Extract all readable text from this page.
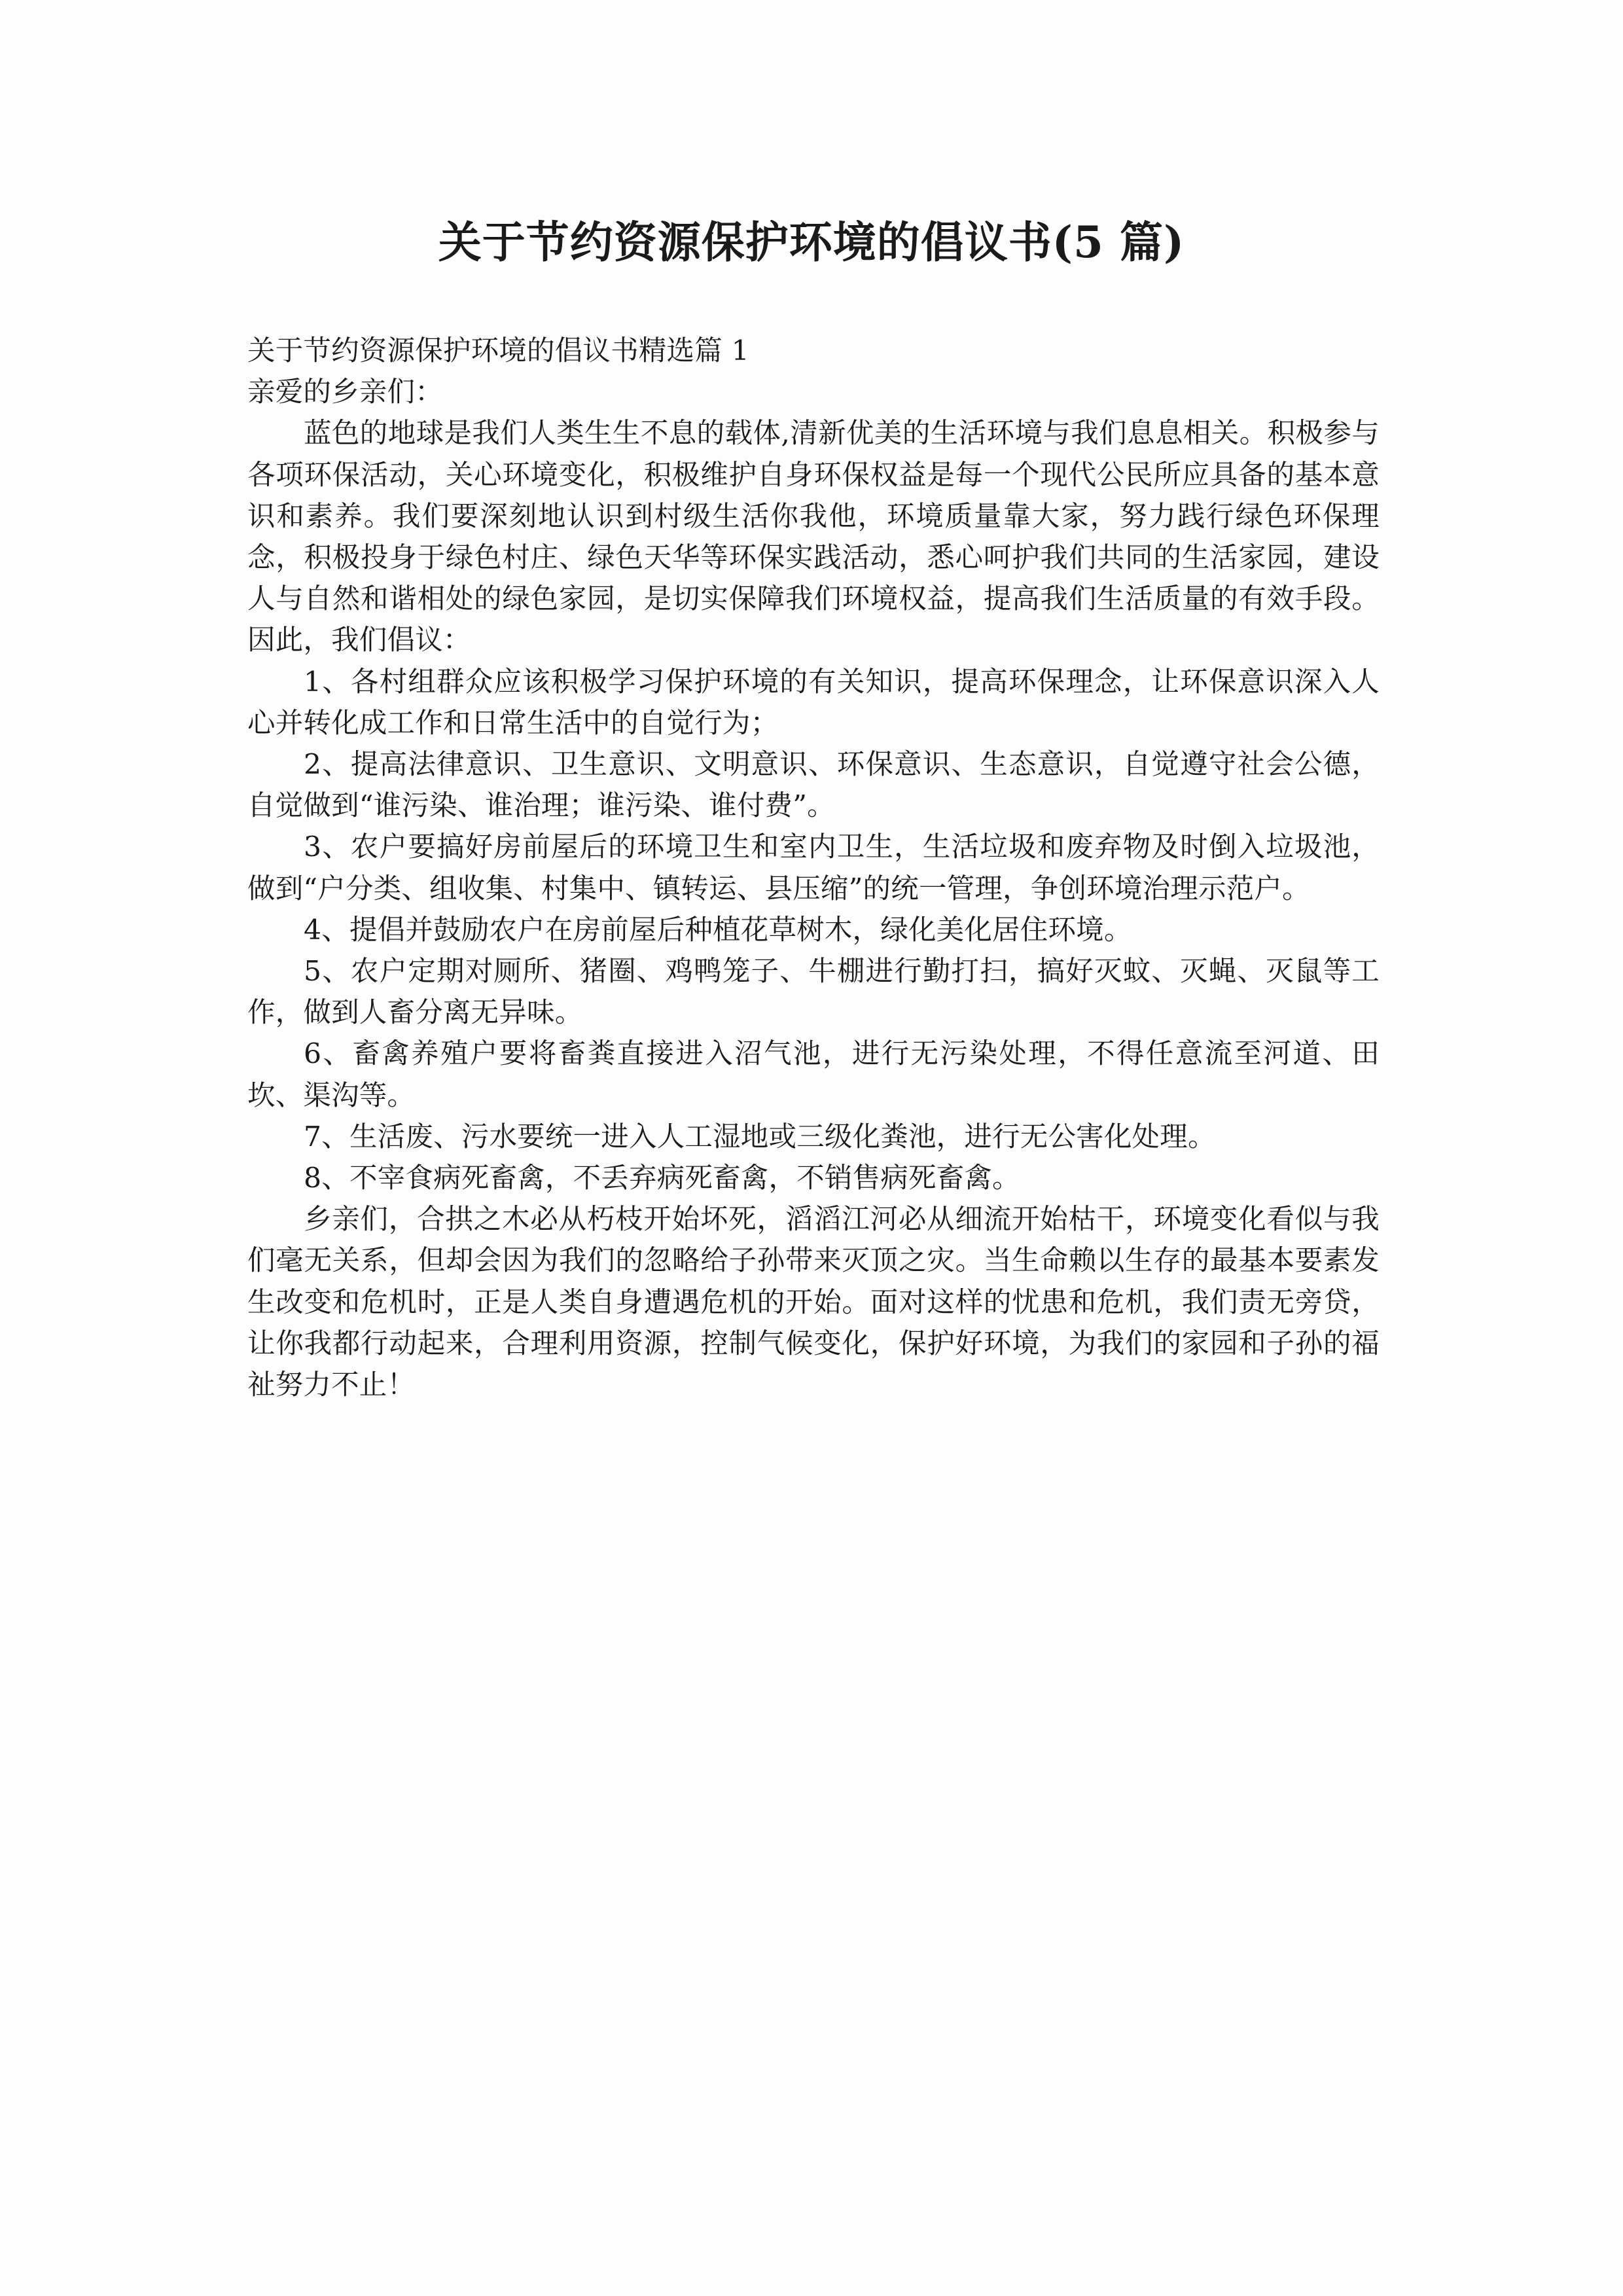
关于节约资源保护环境的倡议书(5 篇)

关于节约资源保护环境的倡议书精选篇 1

亲爱的乡亲们：

蓝色的地球是我们人类生生不息的载体,清新优美的生活环境与我们息息相关。积极参与各项环保活动，关心环境变化，积极维护自身环保权益是每一个现代公民所应具备的基本意识和素养。我们要深刻地认识到村级生活你我他，环境质量靠大家，努力践行绿色环保理念，积极投身于绿色村庄、绿色天华等环保实践活动，悉心呵护我们共同的生活家园，建设人与自然和谐相处的绿色家园，是切实保障我们环境权益，提高我们生活质量的有效手段。因此，我们倡议：

1、各村组群众应该积极学习保护环境的有关知识，提高环保理念，让环保意识深入人心并转化成工作和日常生活中的自觉行为；

2、提高法律意识、卫生意识、文明意识、环保意识、生态意识，自觉遵守社会公德，自觉做到“谁污染、谁治理；谁污染、谁付费”。

3、农户要搞好房前屋后的环境卫生和室内卫生，生活垃圾和废弃物及时倒入垃圾池，做到“户分类、组收集、村集中、镇转运、县压缩”的统一管理，争创环境治理示范户。

4、提倡并鼓励农户在房前屋后种植花草树木，绿化美化居住环境。

5、农户定期对厕所、猪圈、鸡鸭笼子、牛棚进行勤打扫，搞好灭蚊、灭蝇、灭鼠等工作，做到人畜分离无异味。

6、畜禽养殖户要将畜粪直接进入沼气池，进行无污染处理，不得任意流至河道、田坎、渠沟等。

7、生活废、污水要统一进入人工湿地或三级化粪池，进行无公害化处理。

8、不宰食病死畜禽，不丢弃病死畜禽，不销售病死畜禽。

乡亲们，合拱之木必从朽枝开始坏死，滔滔江河必从细流开始枯干，环境变化看似与我们毫无关系，但却会因为我们的忽略给子孙带来灭顶之灾。当生命赖以生存的最基本要素发生改变和危机时，正是人类自身遭遇危机的开始。面对这样的忧患和危机，我们责无旁贷，让你我都行动起来，合理利用资源，控制气候变化，保护好环境，为我们的家园和子孙的福祉努力不止！
